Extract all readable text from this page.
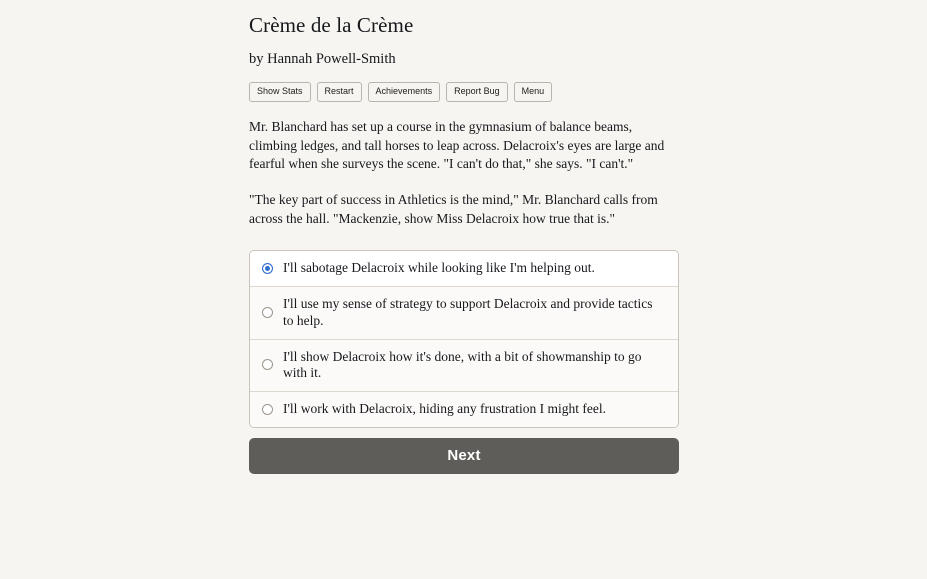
Crème de la Crème
by Hannah Powell-Smith
Show Stats	Restart	Achievements	Report Bug	Menu

Mr. Blanchard has set up a course in the gymnasium of balance beams, climbing ledges, and tall horses to leap across. Delacroix's eyes are large and fearful when she surveys the scene. "I can't do that," she says. "I can't."

"The key part of success in Athletics is the mind," Mr. Blanchard calls from across the hall. "Mackenzie, show Miss Delacroix how true that is."

I'll sabotage Delacroix while looking like I'm helping out.
I'll use my sense of strategy to support Delacroix and provide tactics to help.
I'll show Delacroix how it's done, with a bit of showmanship to go with it.
I'll work with Delacroix, hiding any frustration I might feel.
Next
